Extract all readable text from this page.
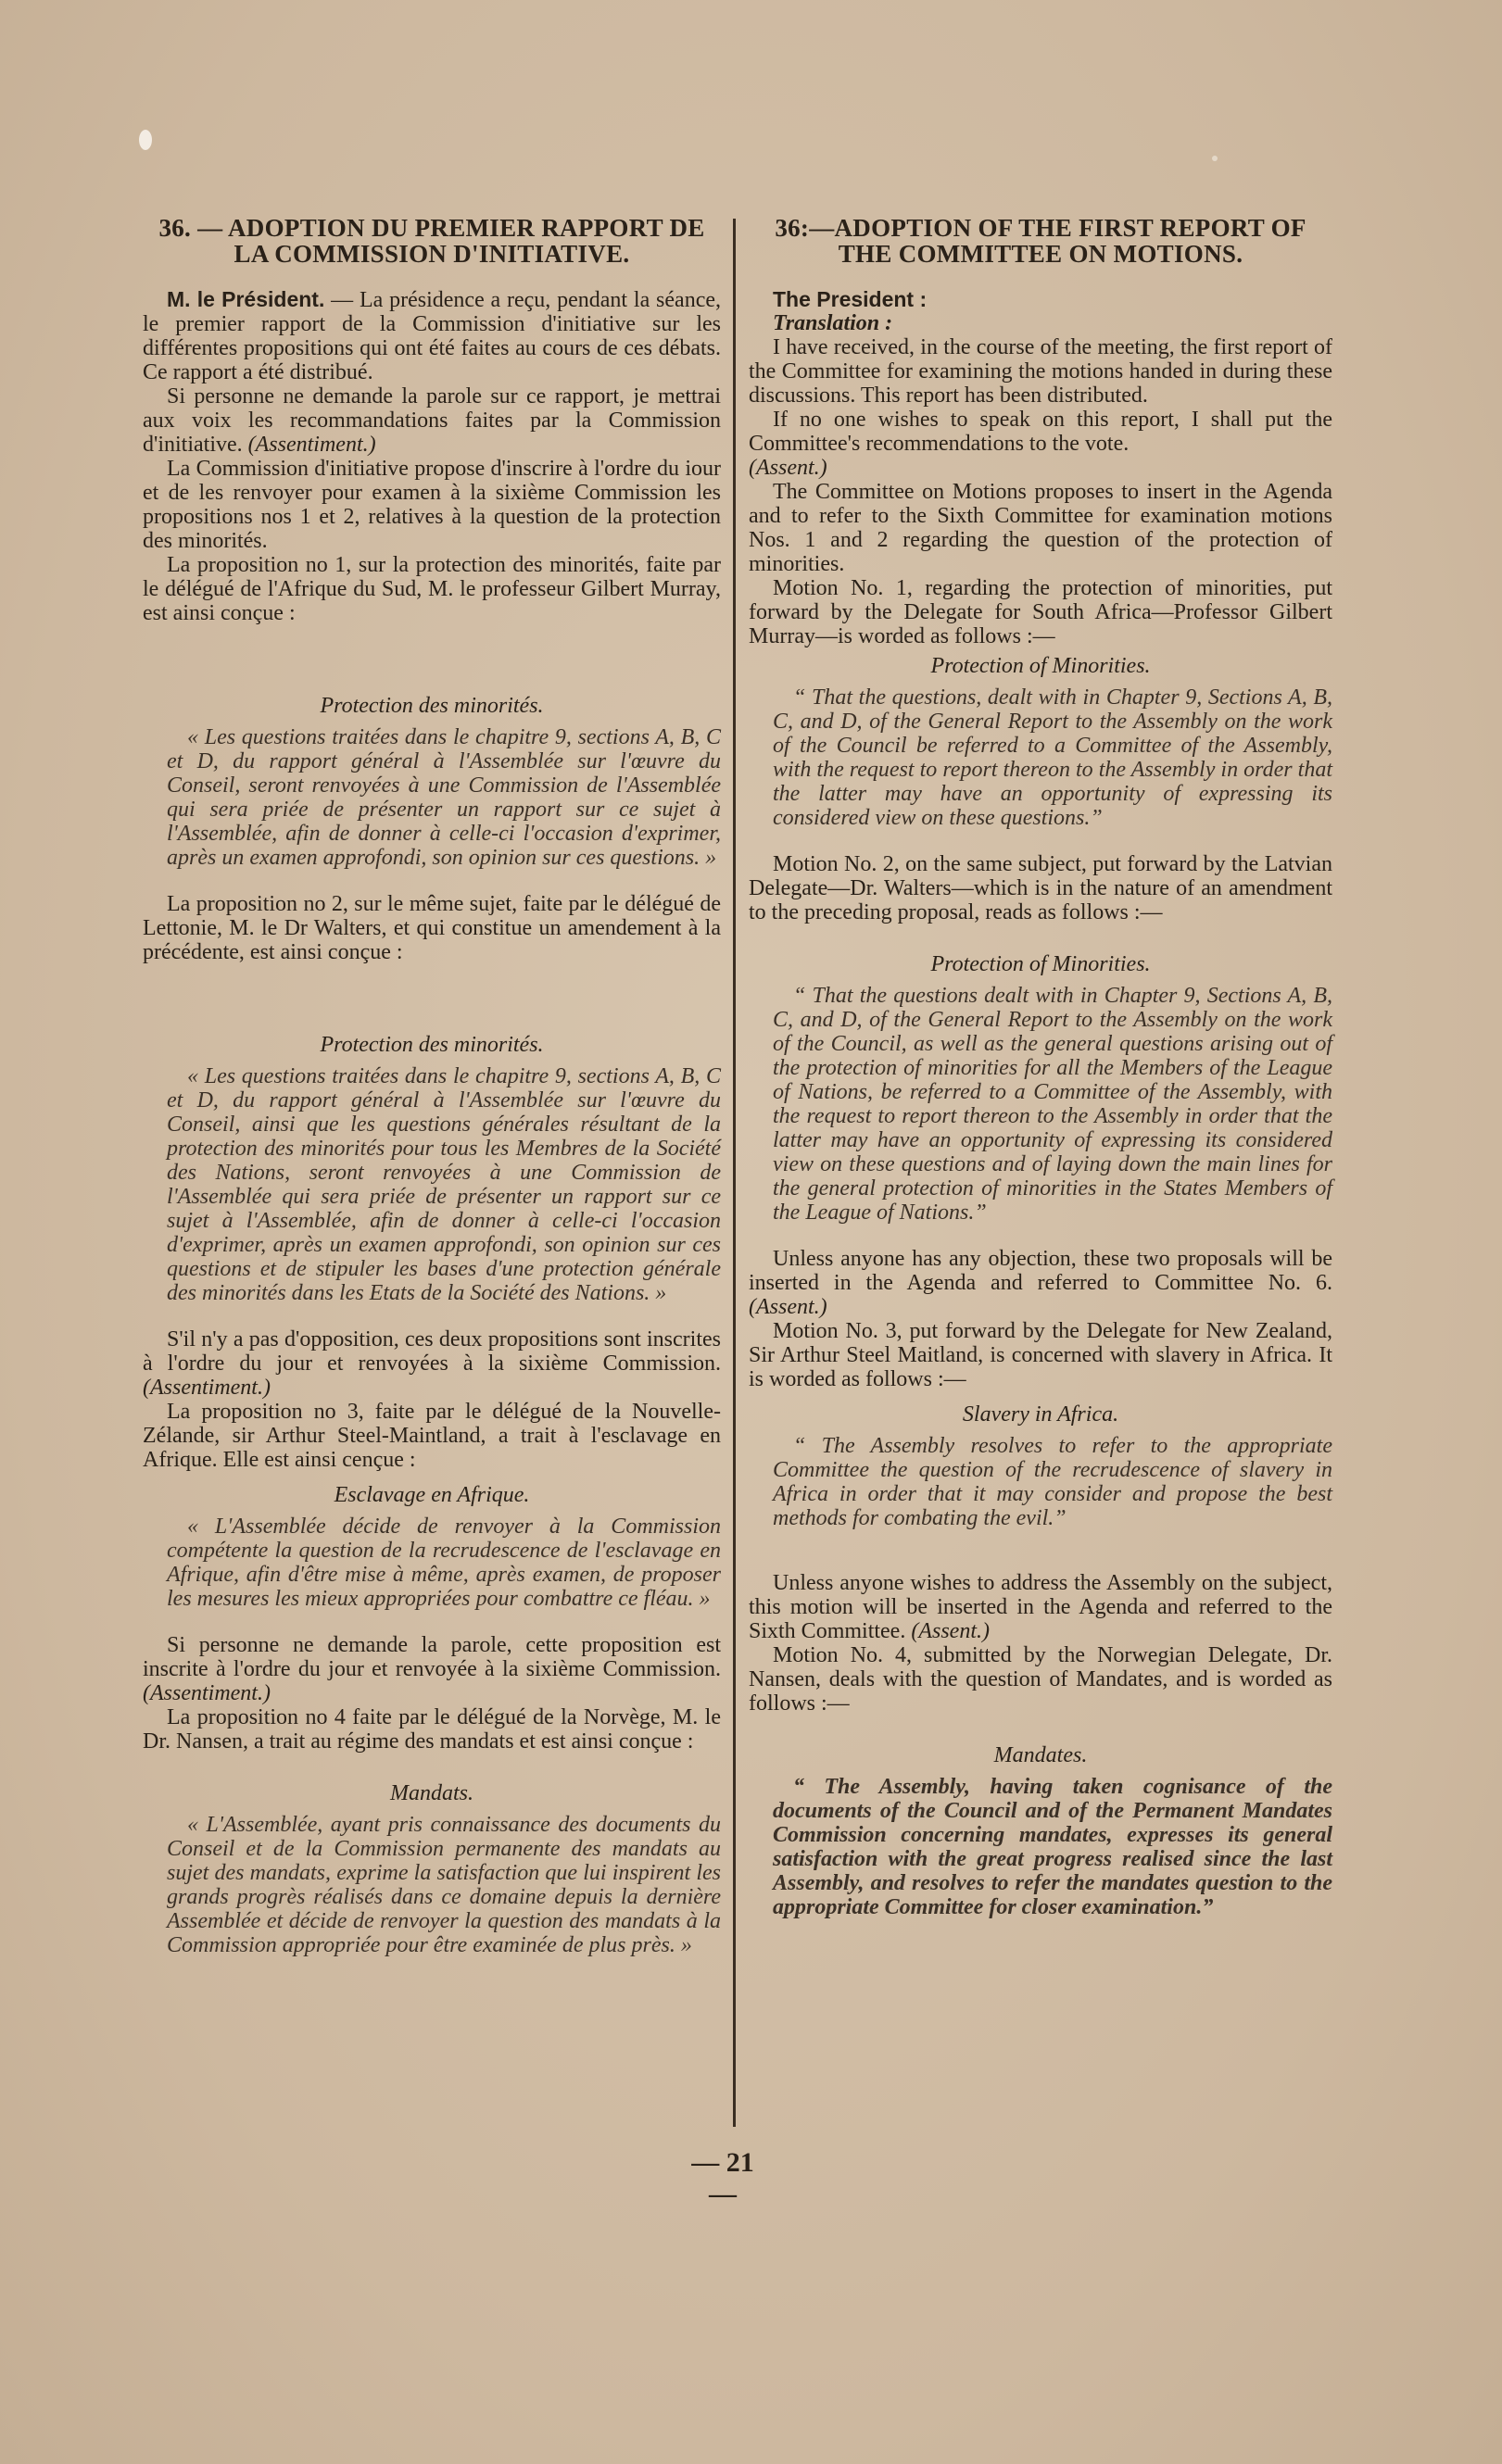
36. — ADOPTION DU PREMIER RAPPORT DE LA COMMISSION D'INITIATIVE.

M. le Président. — La présidence a reçu, pendant la séance, le premier rapport de la Commission d'initiative sur les différentes propositions qui ont été faites au cours de ces débats. Ce rapport a été distribué.

Si personne ne demande la parole sur ce rapport, je mettrai aux voix les recommandations faites par la Commission d'initiative. (Assentiment.)

La Commission d'initiative propose d'inscrire à l'ordre du iour et de les renvoyer pour examen à la sixième Commission les propositions nos 1 et 2, relatives à la question de la protection des minorités.

La proposition no 1, sur la protection des minorités, faite par le délégué de l'Afrique du Sud, M. le professeur Gilbert Murray, est ainsi conçue :

Protection des minorités.

« Les questions traitées dans le chapitre 9, sections A, B, C et D, du rapport général à l'Assemblée sur l'œuvre du Conseil, seront renvoyées à une Commission de l'Assemblée qui sera priée de présenter un rapport sur ce sujet à l'Assemblée, afin de donner à celle-ci l'occasion d'exprimer, après un examen approfondi, son opinion sur ces questions. »

La proposition no 2, sur le même sujet, faite par le délégué de Lettonie, M. le Dr Walters, et qui constitue un amendement à la précédente, est ainsi conçue :

Protection des minorités.

« Les questions traitées dans le chapitre 9, sections A, B, C et D, du rapport général à l'Assemblée sur l'œuvre du Conseil, ainsi que les questions générales résultant de la protection des minorités pour tous les Membres de la Société des Nations, seront renvoyées à une Commission de l'Assemblée qui sera priée de présenter un rapport sur ce sujet à l'Assemblée, afin de donner à celle-ci l'occasion d'exprimer, après un examen approfondi, son opinion sur ces questions et de stipuler les bases d'une protection générale des minorités dans les Etats de la Société des Nations. »

S'il n'y a pas d'opposition, ces deux propositions sont inscrites à l'ordre du jour et renvoyées à la sixième Commission. (Assentiment.)

La proposition no 3, faite par le délégué de la Nouvelle-Zélande, sir Arthur Steel-Maintland, a trait à l'esclavage en Afrique. Elle est ainsi cençue :

Esclavage en Afrique.

« L'Assemblée décide de renvoyer à la Commission compétente la question de la recrudescence de l'esclavage en Afrique, afin d'être mise à même, après examen, de proposer les mesures les mieux appropriées pour combattre ce fléau. »

Si personne ne demande la parole, cette proposition est inscrite à l'ordre du jour et renvoyée à la sixième Commission. (Assentiment.)

La proposition no 4 faite par le délégué de la Norvège, M. le Dr. Nansen, a trait au régime des mandats et est ainsi conçue :

Mandats.

« L'Assemblée, ayant pris connaissance des documents du Conseil et de la Commission permanente des mandats au sujet des mandats, exprime la satisfaction que lui inspirent les grands progrès réalisés dans ce domaine depuis la dernière Assemblée et décide de renvoyer la question des mandats à la Commission appropriée pour être examinée de plus près. »

36:—ADOPTION OF THE FIRST REPORT OF THE COMMITTEE ON MOTIONS.

The President :

Translation :

I have received, in the course of the meeting, the first report of the Committee for examining the motions handed in during these discussions. This report has been distributed.

If no one wishes to speak on this report, I shall put the Committee's recommendations to the vote.

(Assent.)

The Committee on Motions proposes to insert in the Agenda and to refer to the Sixth Committee for examination motions Nos. 1 and 2 regarding the question of the protection of minorities.

Motion No. 1, regarding the protection of minorities, put forward by the Delegate for South Africa—Professor Gilbert Murray—is worded as follows :—

Protection of Minorities.

“ That the questions, dealt with in Chapter 9, Sections A, B, C, and D, of the General Report to the Assembly on the work of the Council be referred to a Committee of the Assembly, with the request to report thereon to the Assembly in order that the latter may have an opportunity of expressing its considered view on these questions.”

Motion No. 2, on the same subject, put forward by the Latvian Delegate—Dr. Walters—which is in the nature of an amendment to the preceding proposal, reads as follows :—

Protection of Minorities.

“ That the questions dealt with in Chapter 9, Sections A, B, C, and D, of the General Report to the Assembly on the work of the Council, as well as the general questions arising out of the protection of minorities for all the Members of the League of Nations, be referred to a Committee of the Assembly, with the request to report thereon to the Assembly in order that the latter may have an opportunity of expressing its considered view on these questions and of laying down the main lines for the general protection of minorities in the States Members of the League of Nations.”

Unless anyone has any objection, these two proposals will be inserted in the Agenda and referred to Committee No. 6. (Assent.)

Motion No. 3, put forward by the Delegate for New Zealand, Sir Arthur Steel Maitland, is concerned with slavery in Africa. It is worded as follows :—

Slavery in Africa.

“ The Assembly resolves to refer to the appropriate Committee the question of the recrudescence of slavery in Africa in order that it may consider and propose the best methods for combating the evil.”

Unless anyone wishes to address the Assembly on the subject, this motion will be inserted in the Agenda and referred to the Sixth Committee. (Assent.)

Motion No. 4, submitted by the Norwegian Delegate, Dr. Nansen, deals with the question of Mandates, and is worded as follows :—

Mandates.

“ The Assembly, having taken cognisance of the documents of the Council and of the Permanent Mandates Commission concerning mandates, expresses its general satisfaction with the great progress realised since the last Assembly, and resolves to refer the mandates question to the appropriate Committee for closer examination.”

— 21 —
